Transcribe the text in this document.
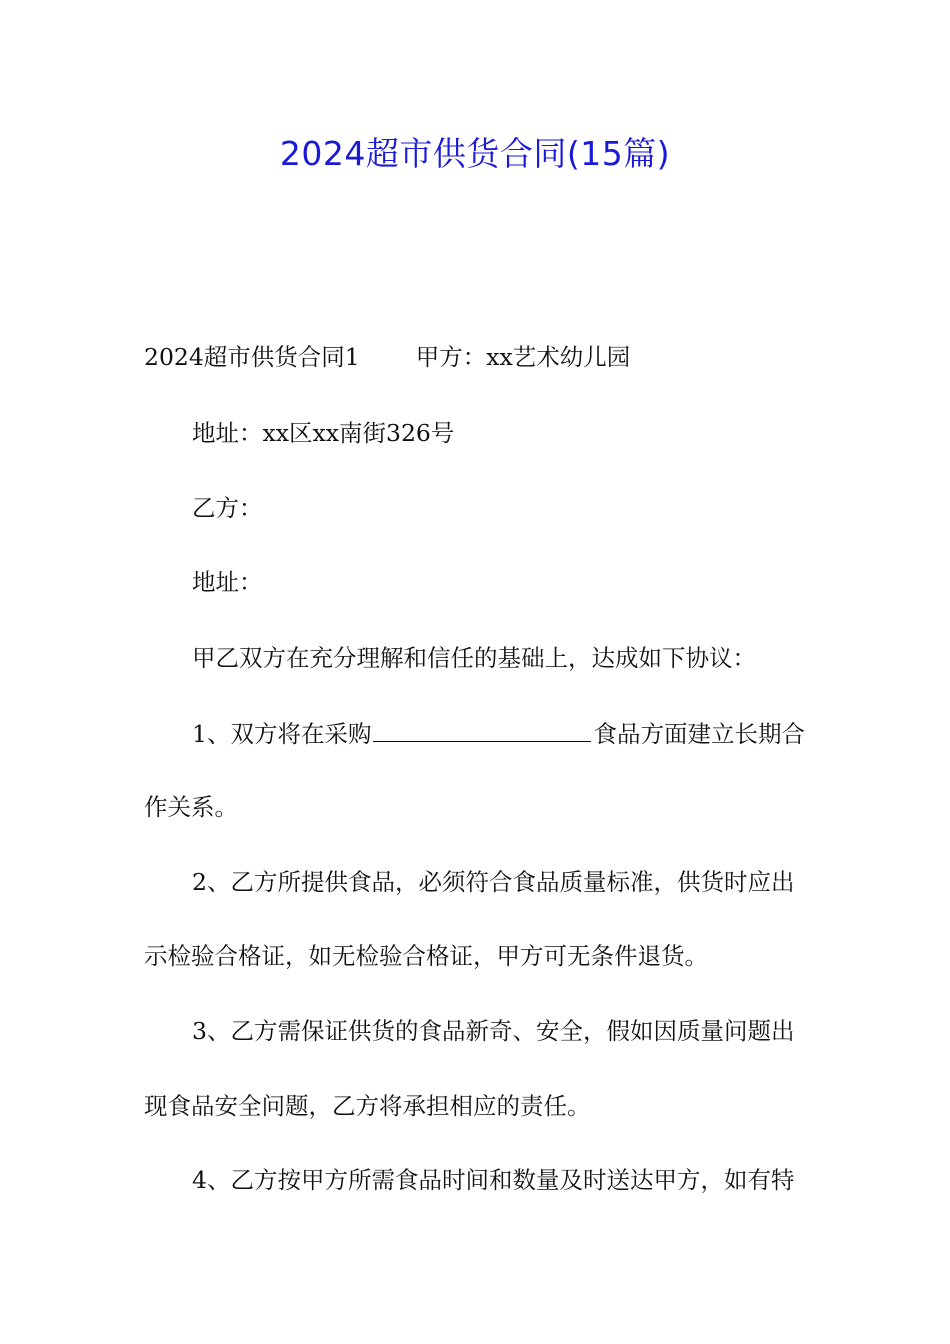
2024超市供货合同(15篇)
2024超市供货合同1 甲方：xx艺术幼儿园
地址：xx区xx南街326号
乙方：
地址：
甲乙双方在充分理解和信任的基础上，达成如下协议：
1、双方将在采购	食品方面建立长期合
作关系。
2、乙方所提供食品，必须符合食品质量标准，供货时应出
示检验合格证，如无检验合格证，甲方可无条件退货。
3、乙方需保证供货的食品新奇、安全，假如因质量问题出
现食品安全问题，乙方将承担相应的责任。
4、乙方按甲方所需食品时间和数量及时送达甲方，如有特
